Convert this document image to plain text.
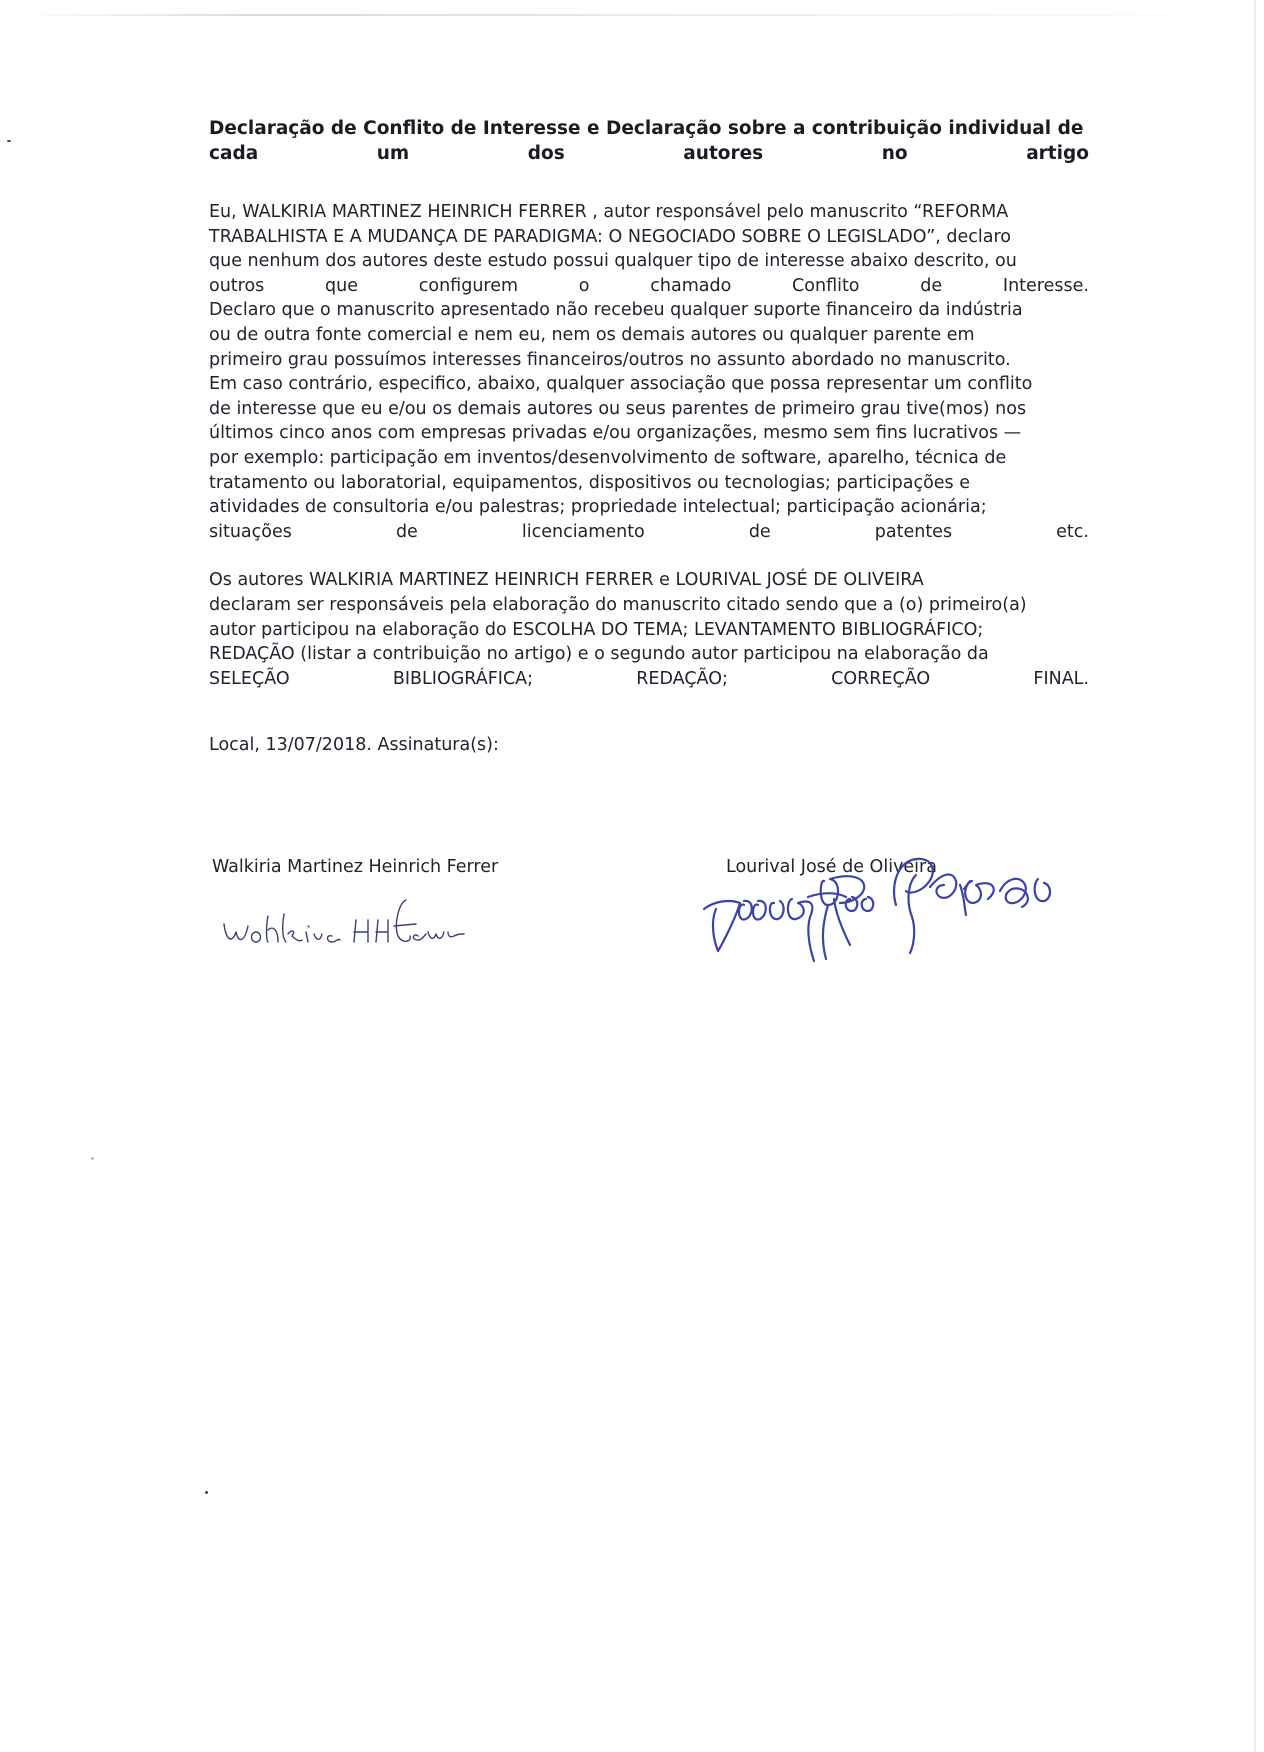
Declaração de Conflito de Interesse e Declaração sobre a contribuição individual de
cada	um	dos	autores	no	artigo
Eu, WALKIRIA MARTINEZ HEINRICH FERRER , autor responsável pelo manuscrito “REFORMA
TRABALHISTA E A MUDANÇA DE PARADIGMA: O NEGOCIADO SOBRE O LEGISLADO”, declaro
que nenhum dos autores deste estudo possui qualquer tipo de interesse abaixo descrito, ou
outros	que	configurem	o	chamado	Conflito	de	Interesse.
Declaro que o manuscrito apresentado não recebeu qualquer suporte financeiro da indústria
ou de outra fonte comercial e nem eu, nem os demais autores ou qualquer parente em
primeiro grau possuímos interesses financeiros/outros no assunto abordado no manuscrito.
Em caso contrário, especifico, abaixo, qualquer associação que possa representar um conflito
de interesse que eu e/ou os demais autores ou seus parentes de primeiro grau tive(mos) nos
últimos cinco anos com empresas privadas e/ou organizações, mesmo sem fins lucrativos —
por exemplo: participação em inventos/desenvolvimento de software, aparelho, técnica de
tratamento ou laboratorial, equipamentos, dispositivos ou tecnologias; participações e
atividades de consultoria e/ou palestras; propriedade intelectual; participação acionária;
situações	de	licenciamento	de	patentes	etc.
Os autores WALKIRIA MARTINEZ HEINRICH FERRER e LOURIVAL JOSÉ DE OLIVEIRA
declaram ser responsáveis pela elaboração do manuscrito citado sendo que a (o) primeiro(a)
autor participou na elaboração do ESCOLHA DO TEMA; LEVANTAMENTO BIBLIOGRÁFICO;
REDAÇÃO (listar a contribuição no artigo) e o segundo autor participou na elaboração da
SELEÇÃO	BIBLIOGRÁFICA;	REDAÇÃO;	CORREÇÃO	FINAL.
Local, 13/07/2018. Assinatura(s):
Walkiria Martinez Heinrich Ferrer	Lourival José de Oliveira
